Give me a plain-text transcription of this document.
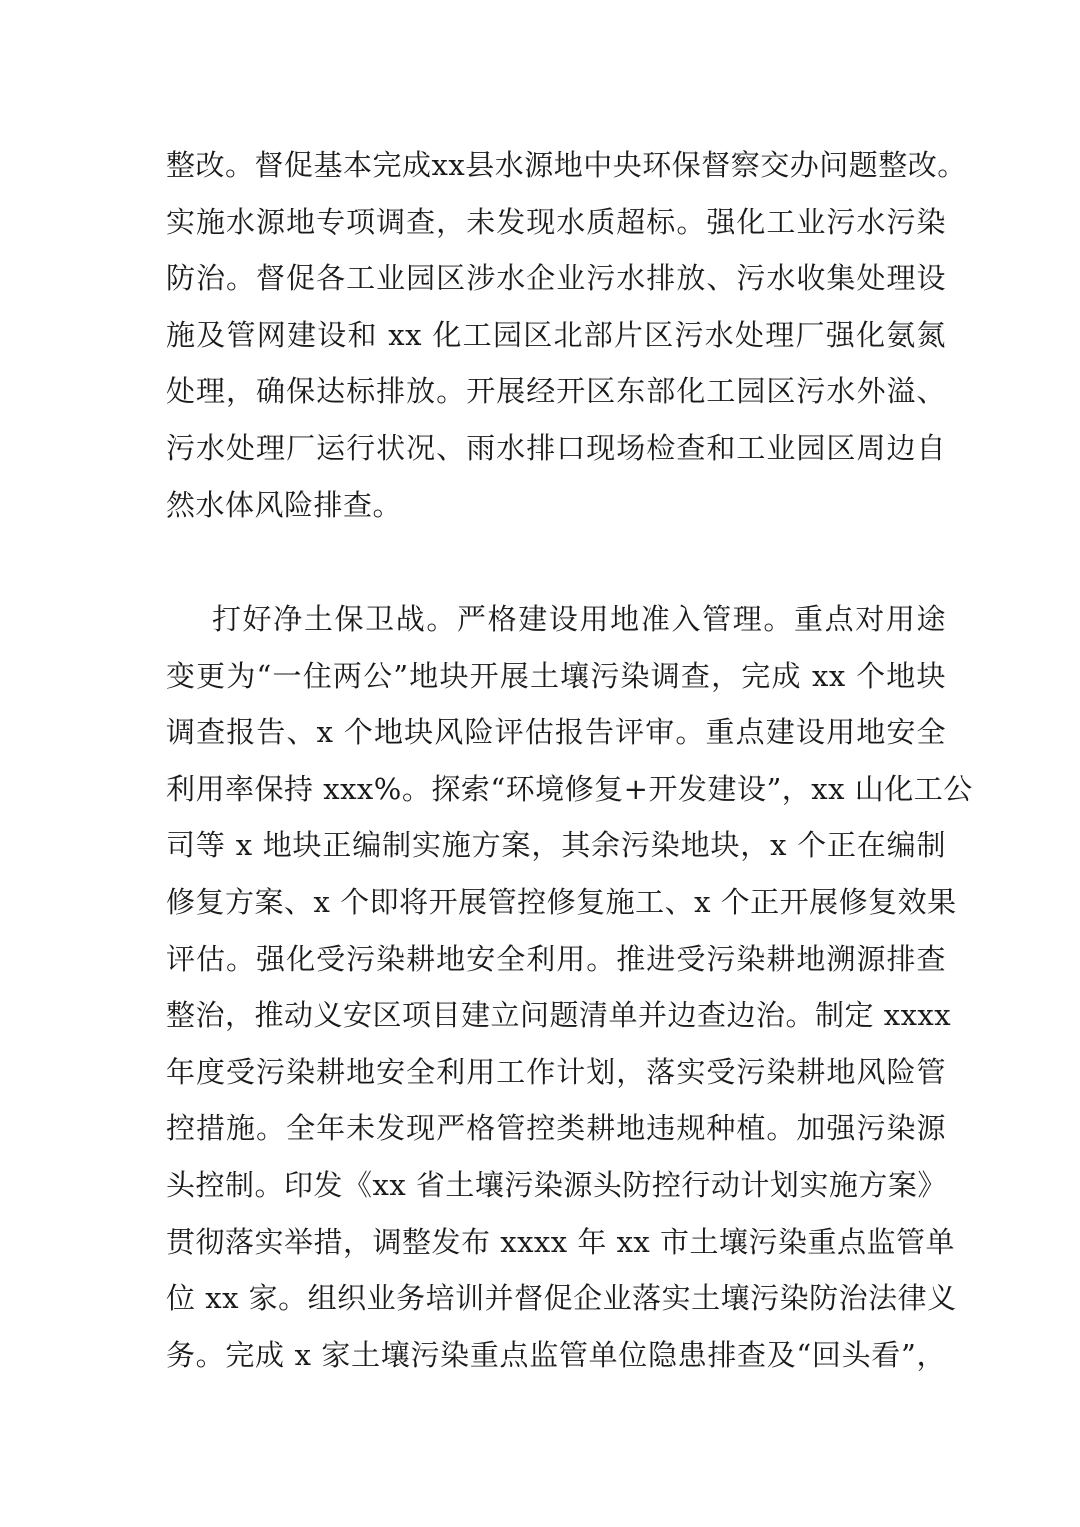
整改。督促基本完成xx县水源地中央环保督察交办问题整改。
实施水源地专项调查，未发现水质超标。强化工业污水污染
防治。督促各工业园区涉水企业污水排放、污水收集处理设
施及管网建设和 xx 化工园区北部片区污水处理厂强化氨氮
处理，确保达标排放。开展经开区东部化工园区污水外溢、
污水处理厂运行状况、雨水排口现场检查和工业园区周边自
然水体风险排查。
打好净土保卫战。严格建设用地准入管理。重点对用途
变更为“一住两公”地块开展土壤污染调查，完成 xx 个地块
调查报告、x 个地块风险评估报告评审。重点建设用地安全
利用率保持 xxx%。探索“环境修复+开发建设”，xx 山化工公
司等 x 地块正编制实施方案，其余污染地块，x 个正在编制
修复方案、x 个即将开展管控修复施工、x 个正开展修复效果
评估。强化受污染耕地安全利用。推进受污染耕地溯源排查
整治，推动义安区项目建立问题清单并边查边治。制定 xxxx
年度受污染耕地安全利用工作计划，落实受污染耕地风险管
控措施。全年未发现严格管控类耕地违规种植。加强污染源
头控制。印发《xx 省土壤污染源头防控行动计划实施方案》
贯彻落实举措，调整发布 xxxx 年 xx 市土壤污染重点监管单
位 xx 家。组织业务培训并督促企业落实土壤污染防治法律义
务。完成 x 家土壤污染重点监管单位隐患排查及“回头看”，
